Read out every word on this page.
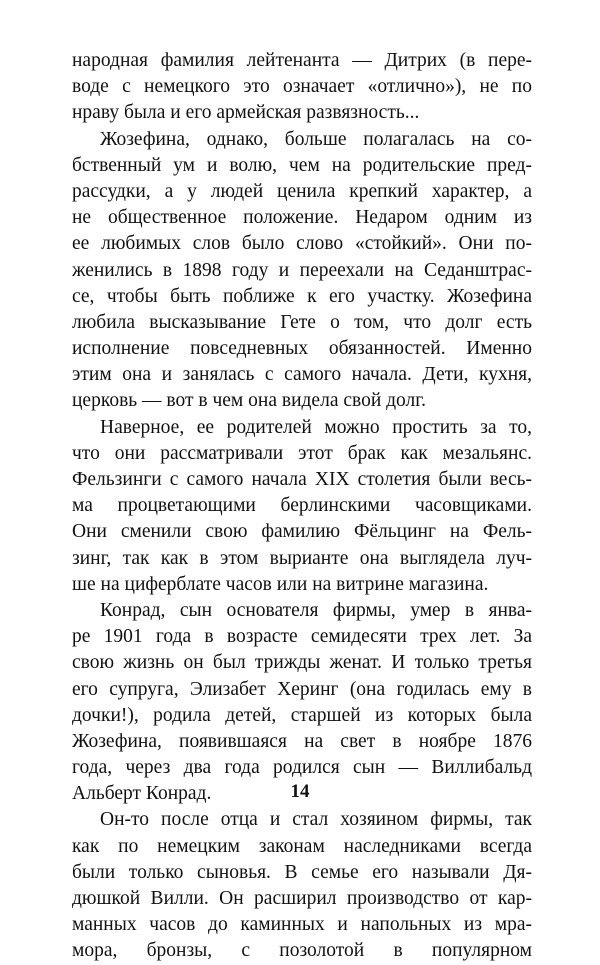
народная фамилия лейтенанта — Дитрих (в пере-
воде с немецкого это означает «отлично»), не по
нраву была и его армейская развязность...
Жозефина, однако, больше полагалась на со-
бственный ум и волю, чем на родительские пред-
рассудки, а у людей ценила крепкий характер, а
не общественное положение. Недаром одним из
ее любимых слов было слово «стойкий». Они по-
женились в 1898 году и переехали на Седанштрас-
се, чтобы быть поближе к его участку. Жозефина
любила высказывание Гете о том, что долг есть
исполнение повседневных обязанностей. Именно
этим она и занялась с самого начала. Дети, кухня,
церковь — вот в чем она видела свой долг.
Наверное, ее родителей можно простить за то,
что они рассматривали этот брак как мезальянс.
Фельзинги с самого начала XIX столетия были весь-
ма процветающими берлинскими часовщиками.
Они сменили свою фамилию Фёльцинг на Фель-
зинг, так как в этом выриантe она выглядела луч-
ше на циферблате часов или на витрине магазина.
Конрад, сын основателя фирмы, умер в янва-
ре 1901 года в возрасте семидесяти трех лет. За
свою жизнь он был трижды женат. И только третья
его супруга, Элизабет Херинг (она годилась ему в
дочки!), родила детей, старшей из которых была
Жозефина, появившаяся на свет в ноябре 1876
года, через два года родился сын — Виллибальд
Альберт Конрад.
Он-то после отца и стал хозяином фирмы, так
как по немецким законам наследниками всегда
были только сыновья. В семье его называли Дя-
дюшкой Вилли. Он расширил производство от кар-
манных часов до каминных и напольных из мра-
мора, бронзы, с позолотой в популярном
14
